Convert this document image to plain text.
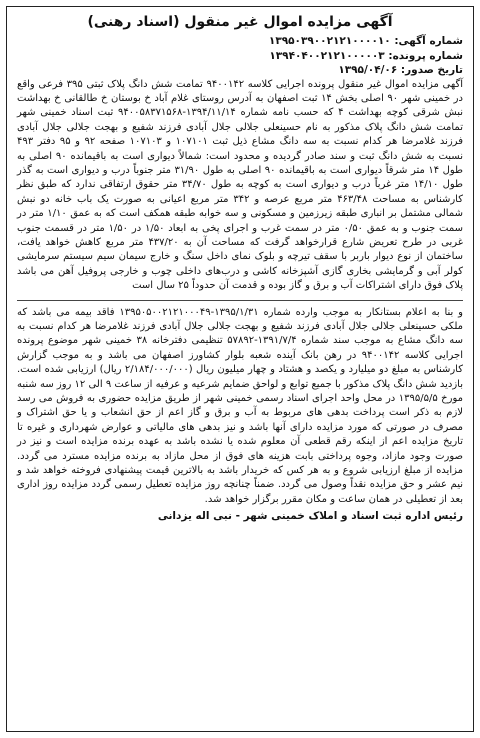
آگهی مزایده اموال غیر منقول (اسناد رهنی)
شماره آگهی: ۱۳۹۵۰۳۹۰۰۲۱۲۱۰۰۰۰۱۰
شماره پرونده: ۱۳۹۴۰۴۰۰۲۱۲۱۰۰۰۰۰۳
تاریخ صدور: ۱۳۹۵/۰۴/۰۶

آگهی مزایده اموال غیر منقول پرونده اجرایی کلاسه ۹۴۰۰۱۴۲ تمامت شش دانگ پلاک ثبتی ۳۹۵ فرعی واقع در خمینی شهر ۹۰ اصلی بخش ۱۴ ثبت اصفهان به آدرس روستای غلام آباد خ بوستان خ طالقانی خ بهداشت نبش شرقی کوچه بهداشت ۴ که حسب نامه شماره ۱۳۹۴/۱۱/۱۴-۹۴۰۰۵۸۳۷۱۵۶۸ ثبت اسناد خمینی شهر تمامت شش دانگ پلاک مذکور به نام حسینعلی جلالی جلال آبادی فرزند شفیع و بهجت جلالی جلال آبادی فرزند غلامرضا هر کدام نسبت به سه دانگ مشاع ذیل ثبت ۱۰۷۱۰۱ و ۱۰۷۱۰۳ صفحه ۹۲ و ۹۵ دفتر ۴۹۳ نسبت به شش دانگ ثبت و سند صادر گردیده و محدود است: شمالاً دیواری است به باقیمانده ۹۰ اصلی به طول ۱۴ متر شرقاً دیواری است به باقیمانده ۹۰ اصلی به طول ۳۱/۹۰ متر جنوباً درب و دیواری است به گذر طول ۱۴/۱۰ متر غرباً درب و دیواری است به کوچه به طول ۳۴/۷۰ متر حقوق ارتفاقی ندارد که طبق نظر کارشناس به مساحت ۴۶۳/۴۸ متر مربع عرصه و ۳۴۲ متر مربع اعیانی به صورت یک باب خانه دو نبش شمالی مشتمل بر انباری طبقه زیرزمین و مسکونی و سه خوابه طبقه همکف است که به عمق ۱/۱۰ متر در سمت جنوب و به عمق ۰/۵۰ متر در سمت غرب و اجرای پخی به ابعاد ۱/۵۰ در ۱/۵۰ متر در قسمت جنوب غربی در طرح تعریض شارع قرارخواهد گرفت که مساحت آن به ۴۳۷/۲۰ متر مربع کاهش خواهد یافت، ساختمان از نوع دیوار باربر با سقف تیرچه و بلوک نمای داخل سنگ و خارج سیمان سیم سیستم سرمایشی کولر آبی و گرمایشی بخاری گازی آشپزخانه کاشی و درب‌های داخلی چوب و خارجی پروفیل آهن می باشد پلاک فوق دارای اشتراکات آب و برق و گاز بوده و قدمت آن حدوداً ۲۵ سال است

و بنا به اعلام بستانکار به موجب وارده شماره ۱۳۹۵/۱/۳۱-۱۳۹۵۰۵۰۰۲۱۲۱۰۰۰۴۹ فاقد بیمه می باشد که ملکی حسینعلی جلالی جلال آبادی فرزند شفیع و بهجت جلالی جلال آبادی فرزند غلامرضا هر کدام نسبت به سه دانگ مشاع به موجب سند شماره ۱۳۹۱/۷/۴-۵۷۸۹۲ تنظیمی دفترخانه ۳۸ خمینی شهر موضوع پرونده اجرایی کلاسه ۹۴۰۰۱۴۲ در رهن بانک آینده شعبه بلوار کشاورز اصفهان می باشد و به موجب گزارش کارشناس به مبلغ دو میلیارد و یکصد و هشتاد و چهار میلیون ریال (۲/۱۸۴/۰۰۰/۰۰۰ ریال) ارزیابی شده است. بازدید شش دانگ پلاک مذکور با جمیع توابع و لواحق ضمایم شرعیه و عرفیه از ساعت ۹ الی ۱۲ روز سه شنبه مورخ ۱۳۹۵/۵/۵ در محل واحد اجرای اسناد رسمی خمینی شهر از طریق مزایده حضوری به فروش می رسد لازم به ذکر است پرداخت بدهی های مربوط به آب و برق و گاز اعم از حق انشعاب و یا حق اشتراک و مصرف در صورتی که مورد مزایده دارای آنها باشد و نیز بدهی های مالیاتی و عوارض شهرداری و غیره تا تاریخ مزایده اعم از اینکه رقم قطعی آن معلوم شده یا نشده باشد به عهده برنده مزایده است و نیز در صورت وجود مازاد، وجوه پرداختی بابت هزینه های فوق از محل مازاد به برنده مزایده مسترد می گردد. مزایده از مبلغ ارزیابی شروع و به هر کس که خریدار باشد به بالاترین قیمت پیشنهادی فروخته خواهد شد و نیم عشر و حق مزایده نقداً وصول می گردد. ضمناً چنانچه روز مزایده تعطیل رسمی گردد مزایده روز اداری بعد از تعطیلی در همان ساعت و مکان مقرر برگزار خواهد شد.

رئیس اداره ثبت اسناد و املاک خمینی شهر - نبی اله یزدانی
